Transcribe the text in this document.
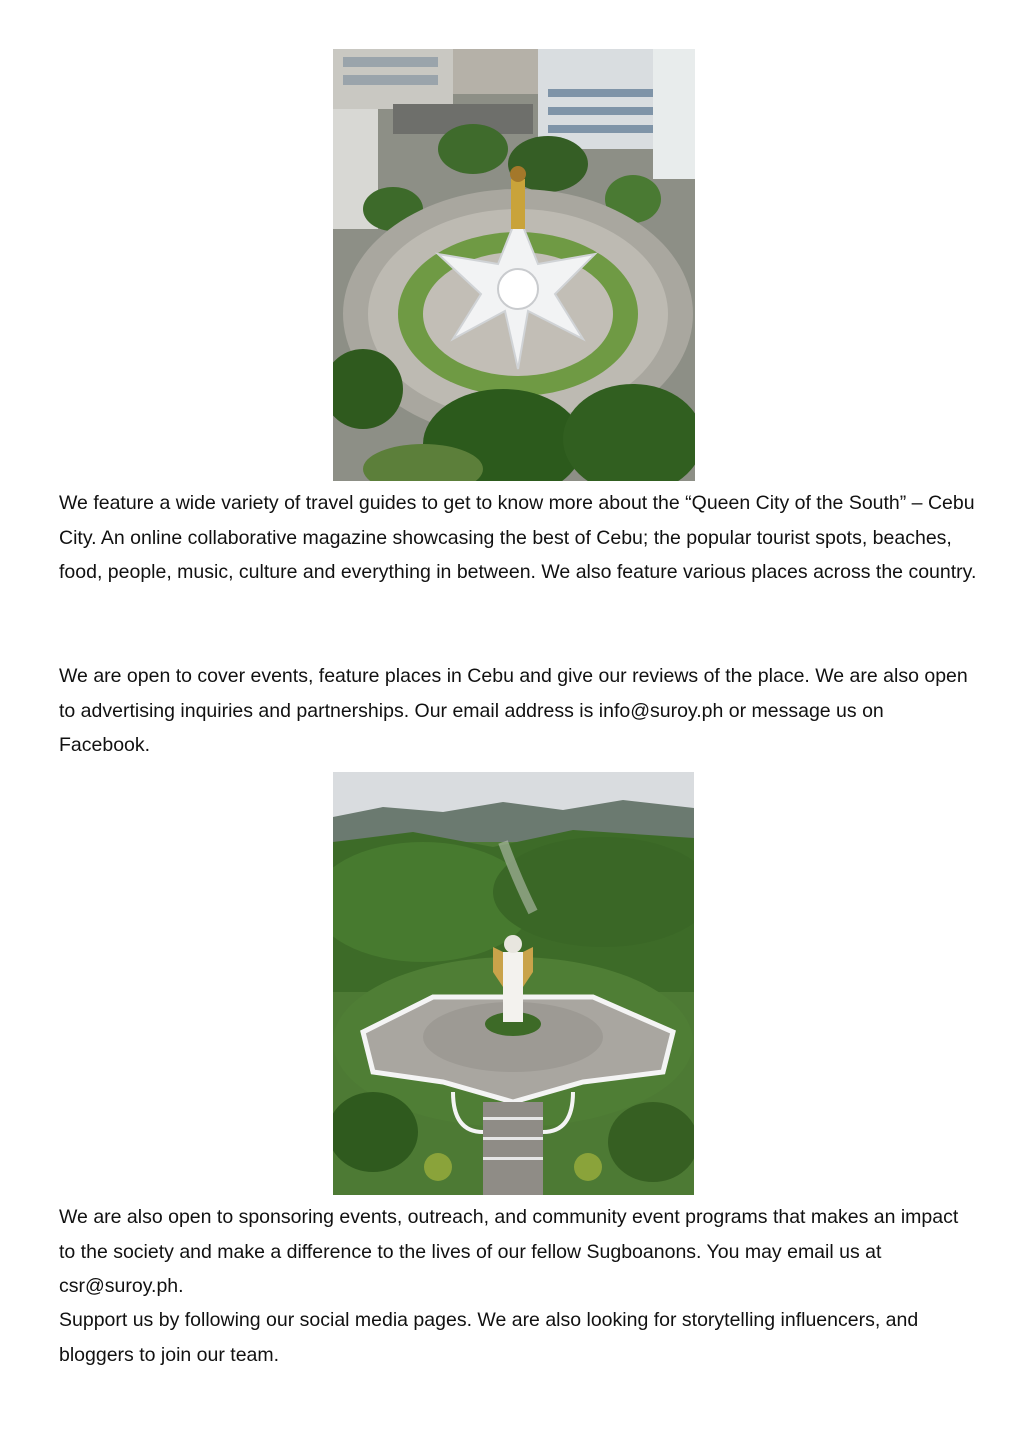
We feature a wide variety of travel guides to get to know more about the “Queen City of the South” – Cebu City. An online collaborative magazine showcasing the best of Cebu; the popular tourist spots, beaches, food, people, music, culture and everything in between. We also feature various places across the country.

We are open to cover events, feature places in Cebu and give our reviews of the place. We are also open to advertising inquiries and partnerships. Our email address is info@suroy.ph or message us on Facebook.

We are also open to sponsoring events, outreach, and community event programs that makes an impact to the society and make a difference to the lives of our fellow Sugboanons. You may email us at csr@suroy.ph.

Support us by following our social media pages. We are also looking for storytelling influencers, and bloggers to join our team.
